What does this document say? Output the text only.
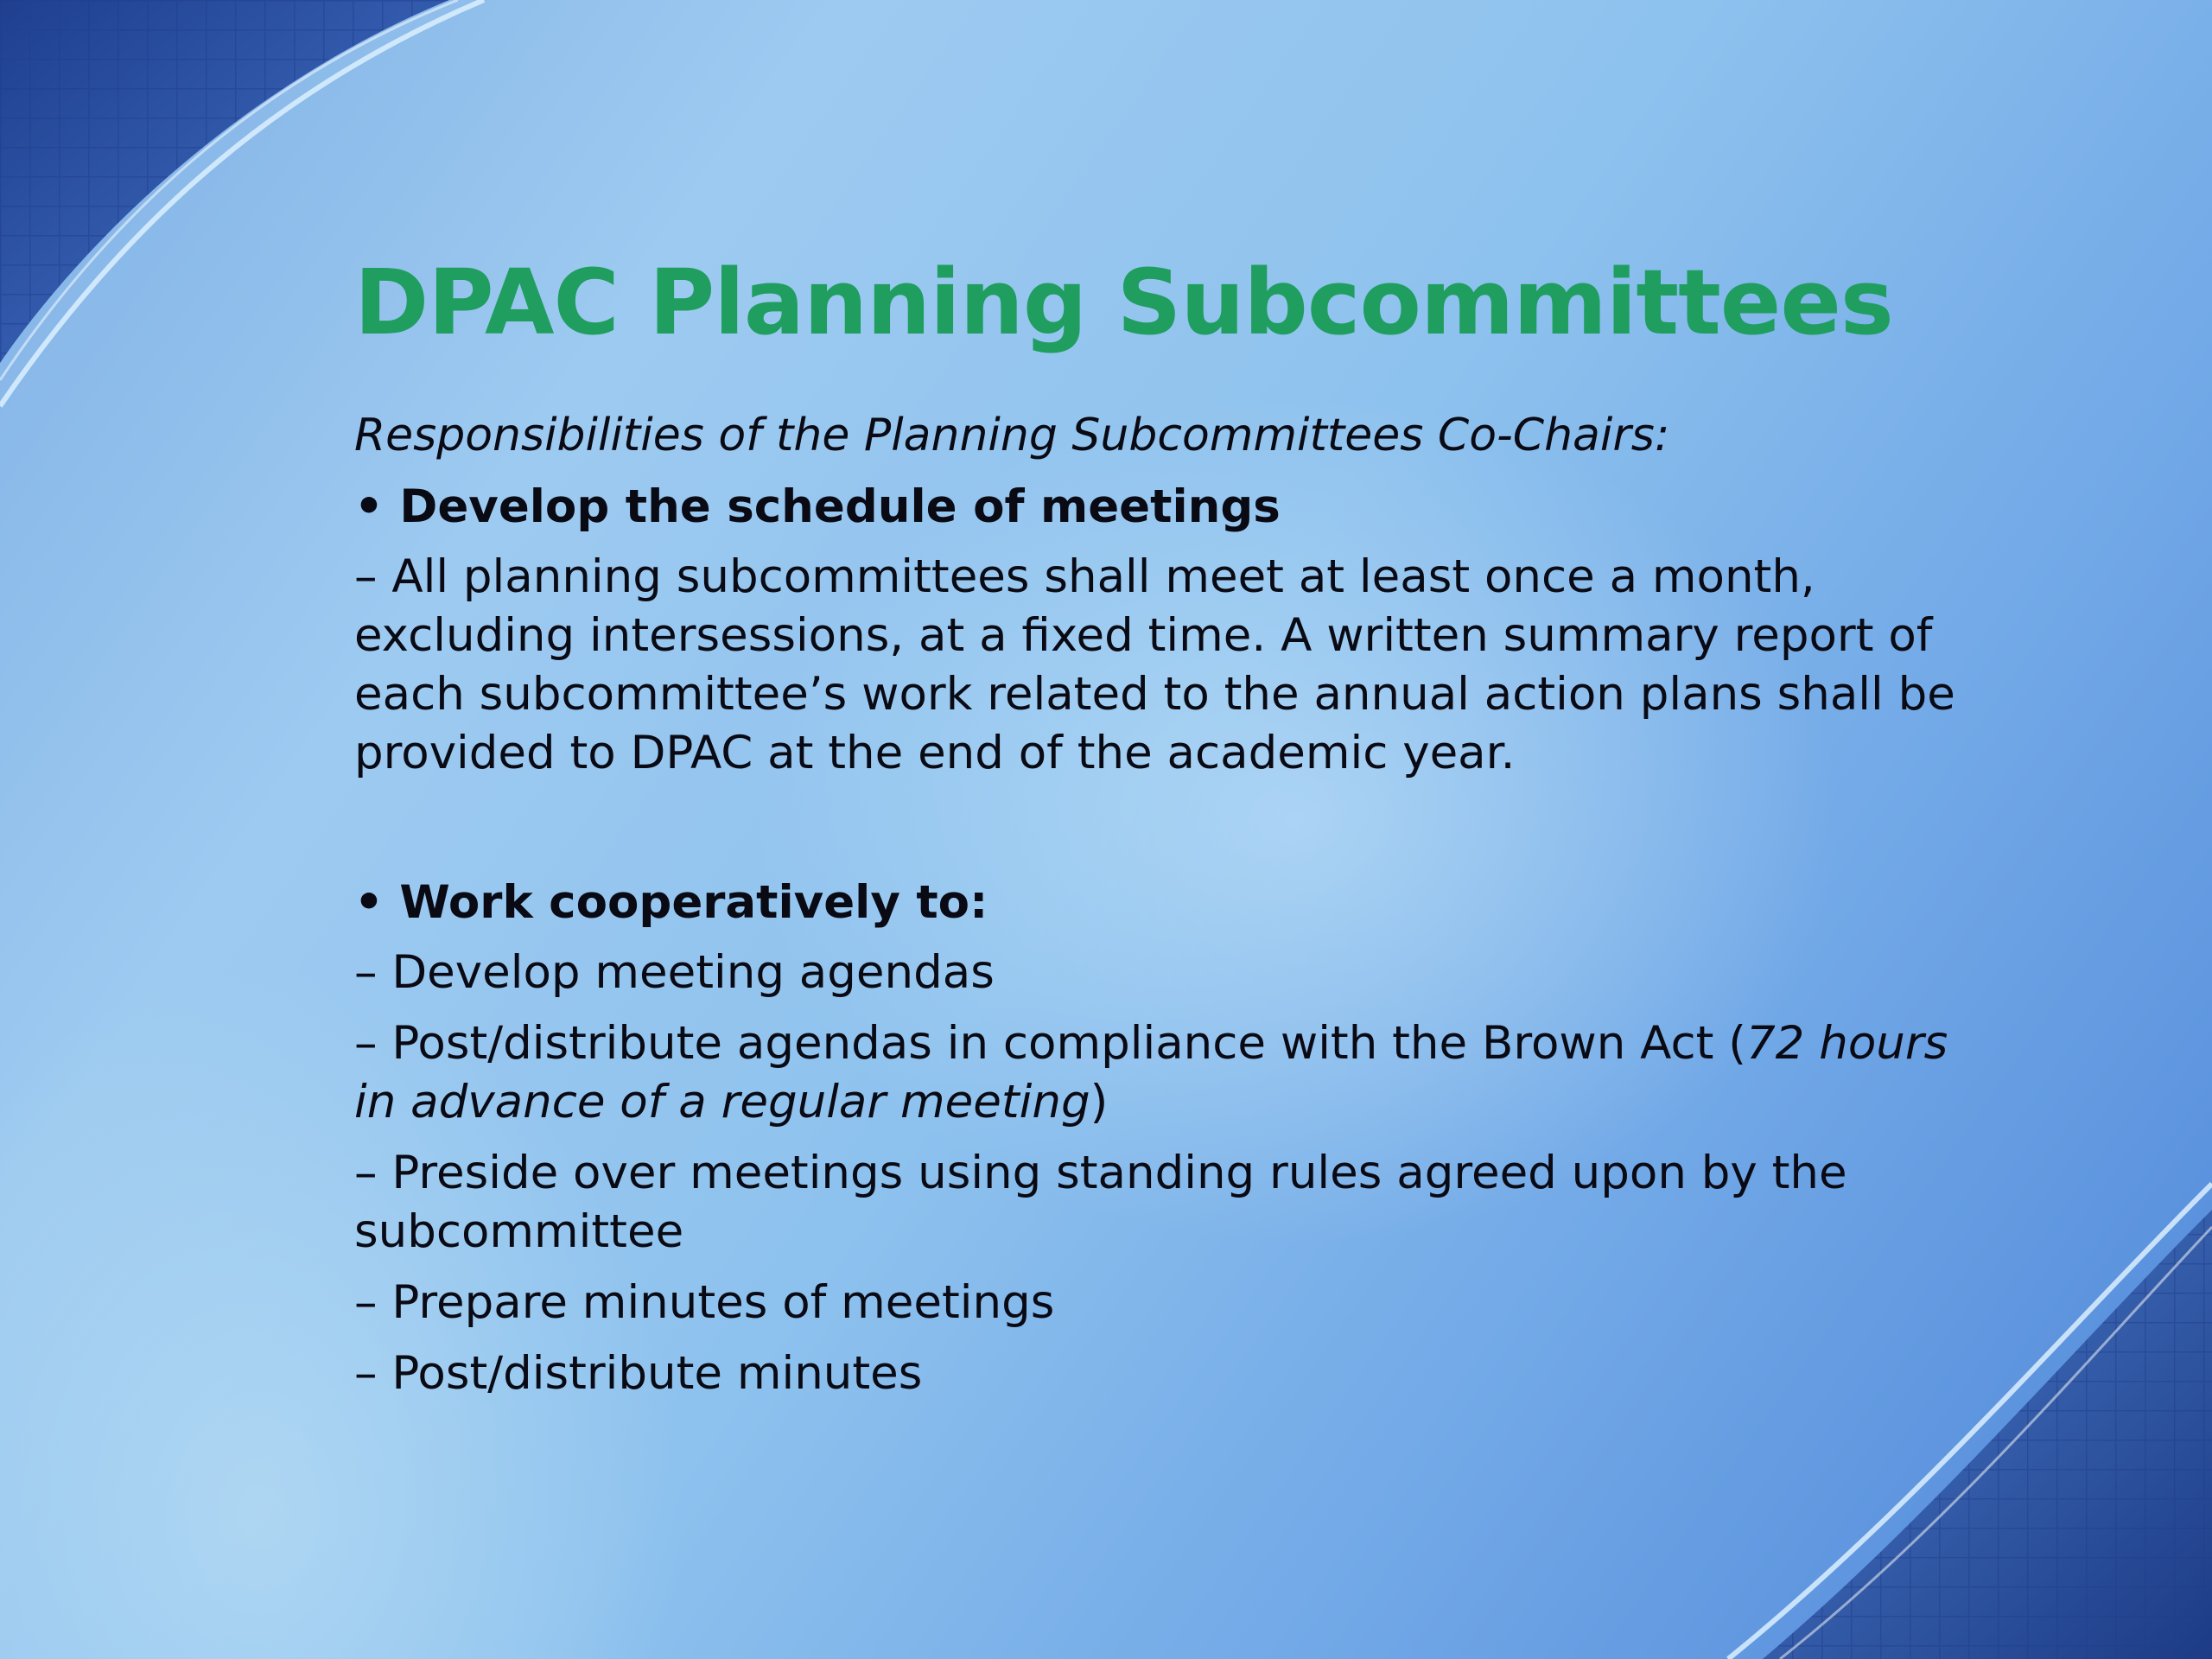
DPAC Planning Subcommittees
Responsibilities of the Planning Subcommittees Co-Chairs:
• Develop the schedule of meetings
– All planning subcommittees shall meet at least once a month, excluding intersessions, at a fixed time. A written summary report of each subcommittee’s work related to the annual action plans shall be provided to DPAC at the end of the academic year.
• Work cooperatively to:
– Develop meeting agendas
– Post/distribute agendas in compliance with the Brown Act (72 hours in advance of a regular meeting)
– Preside over meetings using standing rules agreed upon by the subcommittee
– Prepare minutes of meetings
– Post/distribute minutes
